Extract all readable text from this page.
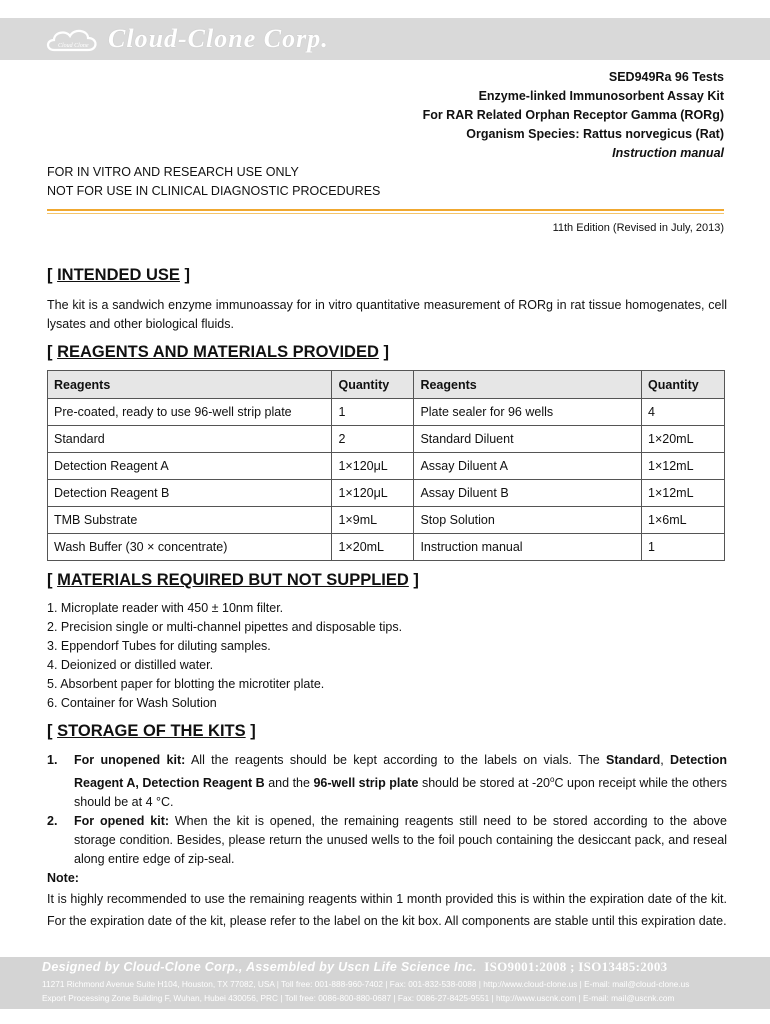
Cloud Clone Cloud-Clone Corp.
SED949Ra 96 Tests
Enzyme-linked Immunosorbent Assay Kit
For RAR Related Orphan Receptor Gamma (RORg)
Organism Species: Rattus norvegicus (Rat)
Instruction manual
FOR IN VITRO AND RESEARCH USE ONLY
NOT FOR USE IN CLINICAL DIAGNOSTIC PROCEDURES
11th Edition (Revised in July, 2013)
[ INTENDED USE ]
The kit is a sandwich enzyme immunoassay for in vitro quantitative measurement of RORg in rat tissue homogenates, cell lysates and other biological fluids.
[ REAGENTS AND MATERIALS PROVIDED ]
Reagents	Quantity	Reagents	Quantity
Pre-coated, ready to use 96-well strip plate	1	Plate sealer for 96 wells	4
Standard	2	Standard Diluent	1×20mL
Detection Reagent A	1×120μL	Assay Diluent A	1×12mL
Detection Reagent B	1×120μL	Assay Diluent B	1×12mL
TMB Substrate	1×9mL	Stop Solution	1×6mL
Wash Buffer (30 × concentrate)	1×20mL	Instruction manual	1
[ MATERIALS REQUIRED BUT NOT SUPPLIED ]
1. Microplate reader with 450 ± 10nm filter.
2. Precision single or multi-channel pipettes and disposable tips.
3. Eppendorf Tubes for diluting samples.
4. Deionized or distilled water.
5. Absorbent paper for blotting the microtiter plate.
6. Container for Wash Solution
[ STORAGE OF THE KITS ]
1.	For unopened kit: All the reagents should be kept according to the labels on vials. The Standard, Detection Reagent A, Detection Reagent B and the 96-well strip plate should be stored at -20$^o$C upon receipt while the others should be at 4 °C.
2.	For opened kit: When the kit is opened, the remaining reagents still need to be stored according to the above storage condition. Besides, please return the unused wells to the foil pouch containing the desiccant pack, and reseal along entire edge of zip-seal.
Note:
It is highly recommended to use the remaining reagents within 1 month provided this is within the expiration date of the kit. For the expiration date of the kit, please refer to the label on the kit box. All components are stable until this expiration date.
Designed by Cloud-Clone Corp., Assembled by Uscn Life Science Inc. ISO9001:2008 ; ISO13485:2003
11271 Richmond Avenue Suite H104, Houston, TX 77082, USA | Toll free: 001-888-960-7402 | Fax: 001-832-538-0088 | http://www.cloud-clone.us | E-mail: mail@cloud-clone.us
Export Processing Zone Building F, Wuhan, Hubei 430056, PRC | Toll free: 0086-800-880-0687 | Fax: 0086-27-8425-9551 | http://www.uscnk.com | E-mail: mail@uscnk.com
